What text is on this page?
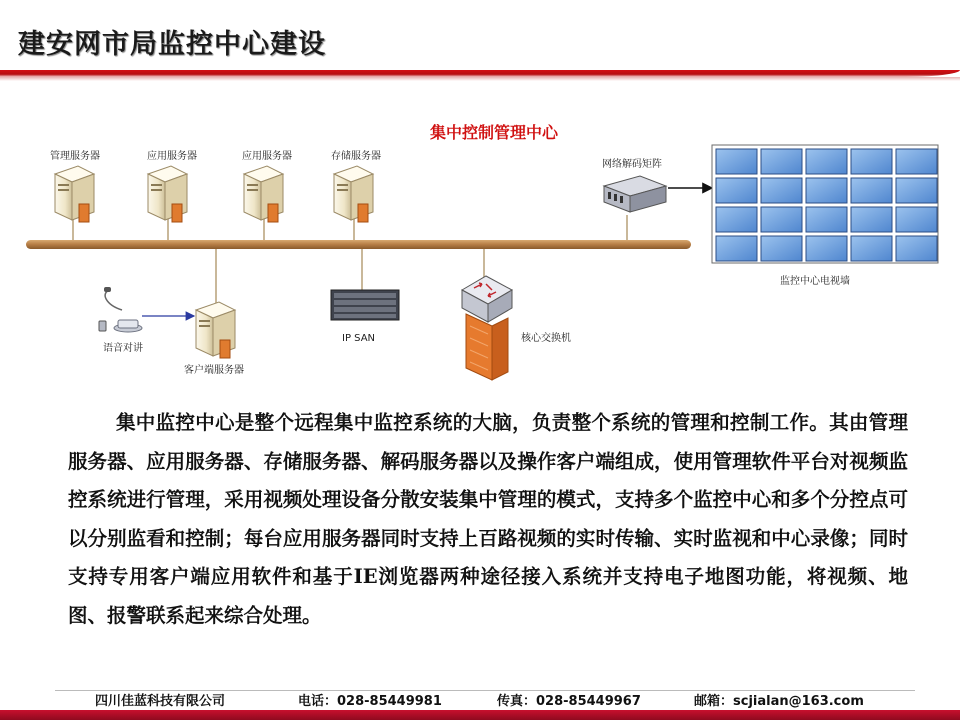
建安网市局监控中心建设
集中控制管理中心
管理服务器	应用服务器	应用服务器	存储服务器
网络解码矩阵
监控中心电视墙
语音对讲
客户端服务器
IP SAN	核心交换机
集中监控中心是整个远程集中监控系统的大脑，负责整个系统的管理和控制工作。其由管理服务器、应用服务器、存储服务器、解码服务器以及操作客户端组成，使用管理软件平台对视频监控系统进行管理，采用视频处理设备分散安装集中管理的模式，支持多个监控中心和多个分控点可以分别监看和控制；每台应用服务器同时支持上百路视频的实时传输、实时监视和中心录像；同时支持专用客户端应用软件和基于IE浏览器两种途径接入系统并支持电子地图功能，将视频、地图、报警联系起来综合处理。
四川佳蓝科技有限公司	电话：028-85449981	传真：028-85449967	邮箱：scjialan@163.com
